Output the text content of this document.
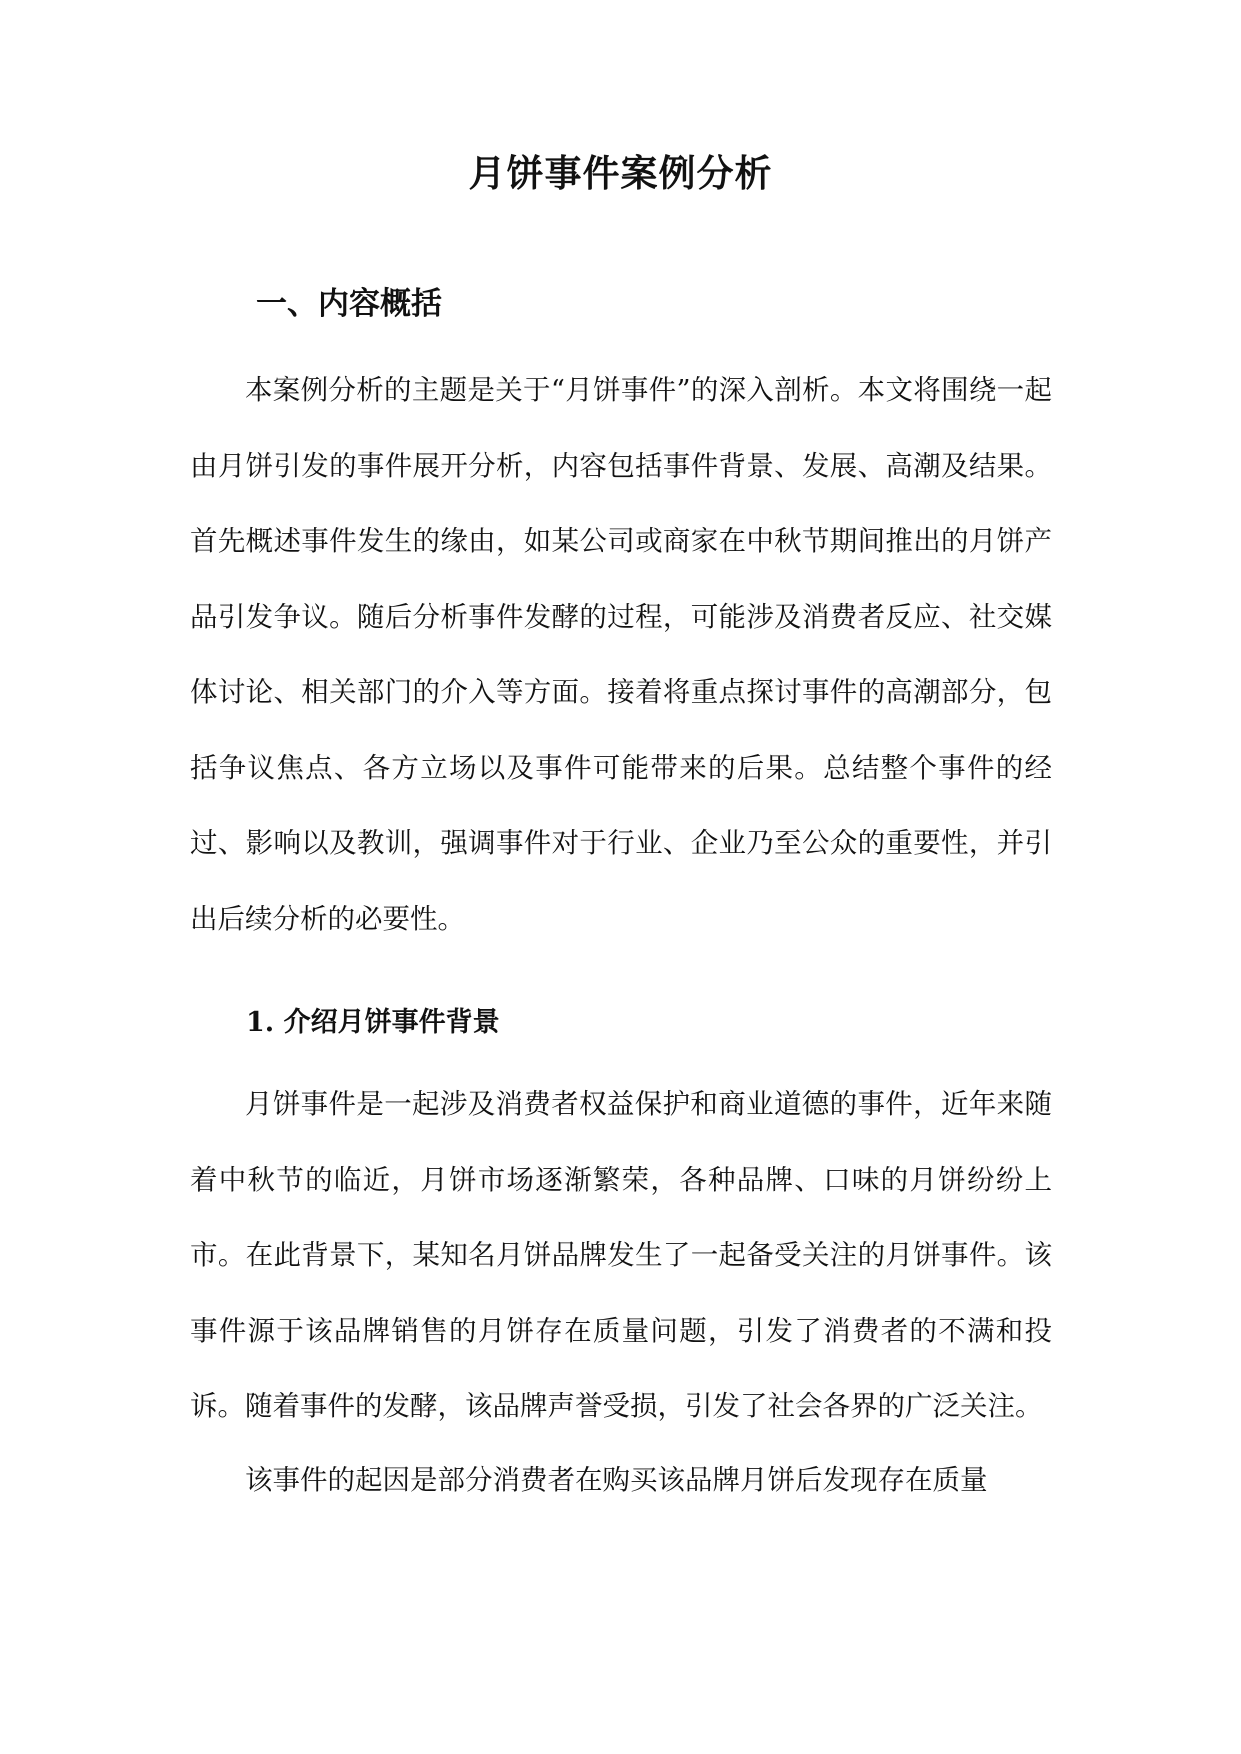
月饼事件案例分析
一、内容概括

本案例分析的主题是关于“月饼事件”的深入剖析。本文将围绕一起由月饼引发的事件展开分析，内容包括事件背景、发展、高潮及结果。首先概述事件发生的缘由，如某公司或商家在中秋节期间推出的月饼产品引发争议。随后分析事件发酵的过程，可能涉及消费者反应、社交媒体讨论、相关部门的介入等方面。接着将重点探讨事件的高潮部分，包括争议焦点、各方立场以及事件可能带来的后果。总结整个事件的经过、影响以及教训，强调事件对于行业、企业乃至公众的重要性，并引出后续分析的必要性。

1. 介绍月饼事件背景

月饼事件是一起涉及消费者权益保护和商业道德的事件，近年来随着中秋节的临近，月饼市场逐渐繁荣，各种品牌、口味的月饼纷纷上市。在此背景下，某知名月饼品牌发生了一起备受关注的月饼事件。该事件源于该品牌销售的月饼存在质量问题，引发了消费者的不满和投诉。随着事件的发酵，该品牌声誉受损，引发了社会各界的广泛关注。

该事件的起因是部分消费者在购买该品牌月饼后发现存在质量
